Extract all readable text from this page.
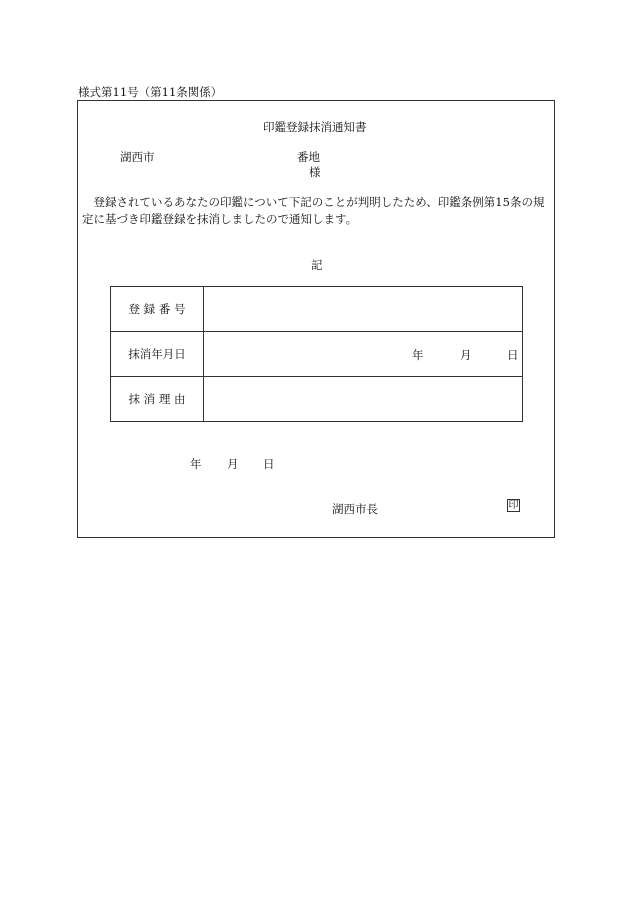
様式第11号（第11条関係）
印鑑登録抹消通知書
湖西市	番地
様
登録されているあなたの印鑑について下記のことが判明したため、印鑑条例第15条の規定に基づき印鑑登録を抹消しましたので通知します。
記
登 録 番 号	
抹消年月日	年 月 日

抹 消 理 由	
年 月 日
湖西市長	印
